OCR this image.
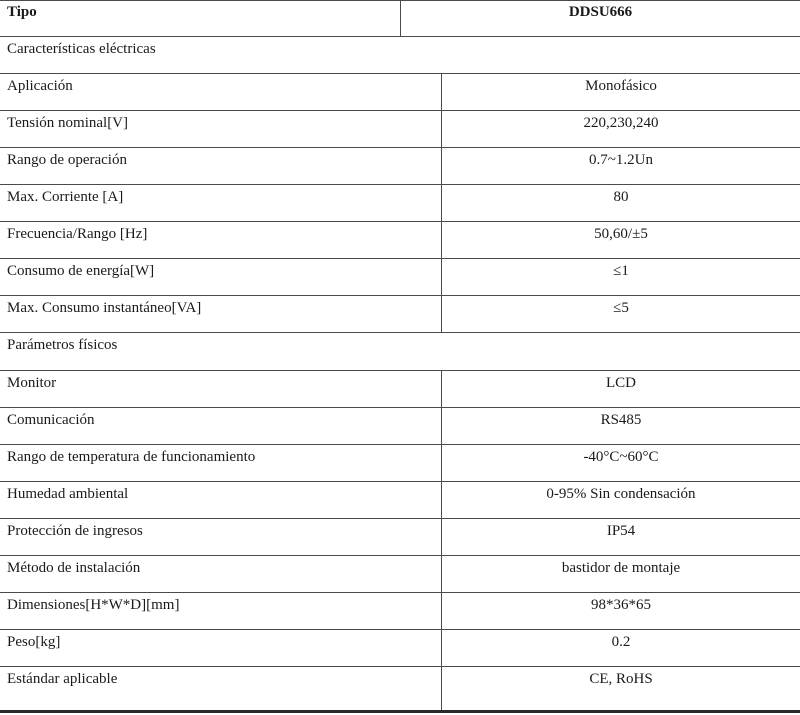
Tipo	DDSU666
Características eléctricas
Aplicación	Monofásico
Tensión nominal[V]	220,230,240
Rango de operación	0.7~1.2Un
Max. Corriente [A]	80
Frecuencia/Rango [Hz]	50,60/±5
Consumo de energía[W]	≤1
Max. Consumo instantáneo[VA]	≤5
Parámetros físicos
Monitor	LCD
Comunicación	RS485
Rango de temperatura de funcionamiento	-40°C~60°C
Humedad ambiental	0-95% Sin condensación
Protección de ingresos	IP54
Método de instalación	bastidor de montaje
Dimensiones[H*W*D][mm]	98*36*65
Peso[kg]	0.2
Estándar aplicable	CE, RoHS
